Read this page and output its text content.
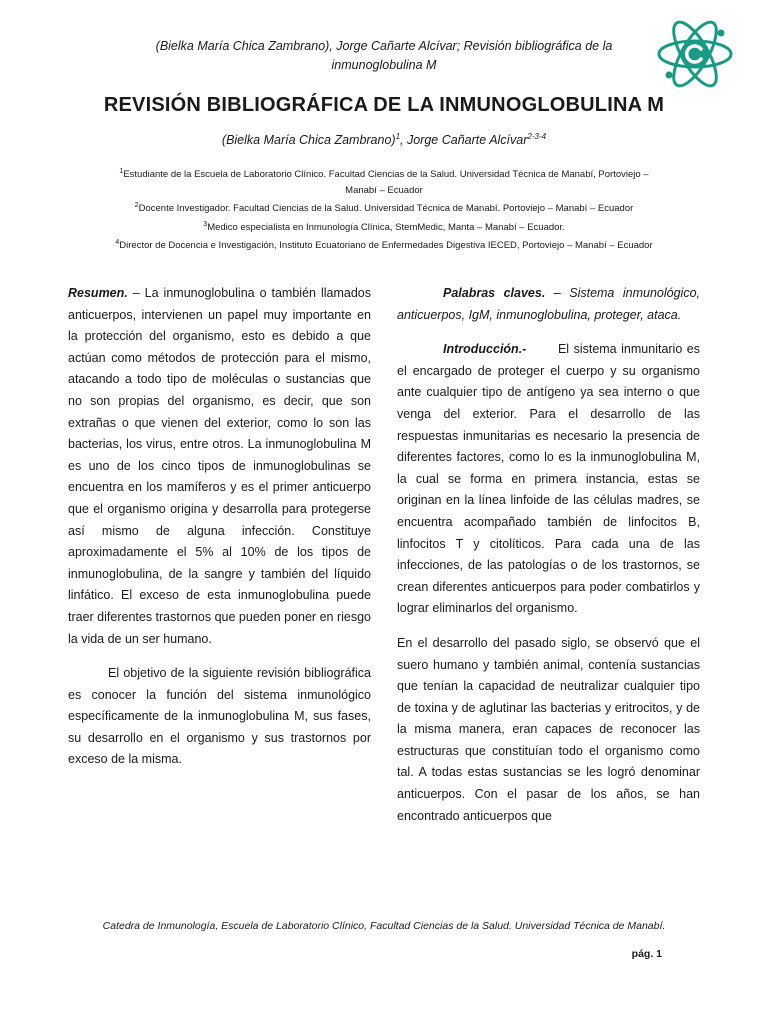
(Bielka María Chica Zambrano), Jorge Cañarte Alcívar; Revisión bibliográfica de la
inmunoglobulina M
REVISIÓN BIBLIOGRÁFICA DE LA INMUNOGLOBULINA M
(Bielka María Chica Zambrano)$^1$, Jorge Cañarte Alcívar$^{2-3-4}$
$^1$Estudiante de la Escuela de Laboratorio Clínico. Facultad Ciencias de la Salud. Universidad Técnica de Manabí, Portoviejo – Manabí – Ecuador
$^2$Docente Investigador. Facultad Ciencias de la Salud. Universidad Técnica de Manabí. Portoviejo – Manabí – Ecuador
$^3$Medico especialista en Inmunología Clínica, StemMedic, Manta – Manabí – Ecuador.
$^4$Director de Docencia e Investigación, Instituto Ecuatoriano de Enfermedades Digestiva IECED, Portoviejo – Manabí – Ecuador

Resumen. – La inmunoglobulina o también llamados anticuerpos, intervienen un papel muy importante en la protección del organismo, esto es debido a que actúan como métodos de protección para el mismo, atacando a todo tipo de moléculas o sustancias que no son propias del organismo, es decir, que son extrañas o que vienen del exterior, como lo son las bacterias, los virus, entre otros. La inmunoglobulina M es uno de los cinco tipos de inmunoglobulinas se encuentra en los mamíferos y es el primer anticuerpo que el organismo origina y desarrolla para protegerse así mismo de alguna infección. Constituye aproximadamente el 5% al 10% de los tipos de inmunoglobulina, de la sangre y también del líquido linfático. El exceso de esta inmunoglobulina puede traer diferentes trastornos que pueden poner en riesgo la vida de un ser humano.

El objetivo de la siguiente revisión bibliográfica es conocer la función del sistema inmunológico específicamente de la inmunoglobulina M, sus fases, su desarrollo en el organismo y sus trastornos por exceso de la misma.

Palabras claves. – Sistema inmunológico, anticuerpos, IgM, inmunoglobulina, proteger, ataca.

Introducción.-	El sistema inmunitario es el encargado de proteger el cuerpo y su organismo ante cualquier tipo de antígeno ya sea interno o que venga del exterior. Para el desarrollo de las respuestas inmunitarias es necesario la presencia de diferentes factores, como lo es la inmunoglobulina M, la cual se forma en primera instancia, estas se originan en la línea linfoide de las células madres, se encuentra acompañado también de linfocitos B, linfocitos T y citolíticos. Para cada una de las infecciones, de las patologías o de los trastornos, se crean diferentes anticuerpos para poder combatirlos y lograr eliminarlos del organismo.

En el desarrollo del pasado siglo, se observó que el suero humano y también animal, contenía sustancias que tenían la capacidad de neutralizar cualquier tipo de toxina y de aglutinar las bacterias y eritrocitos, y de la misma manera, eran capaces de reconocer las estructuras que constituían todo el organismo como tal. A todas estas sustancias se les logró denominar anticuerpos. Con el pasar de los años, se han encontrado anticuerpos que

Catedra de Inmunología, Escuela de Laboratorio Clínico, Facultad Ciencias de la Salud. Universidad Técnica de Manabí.
pág. 1
